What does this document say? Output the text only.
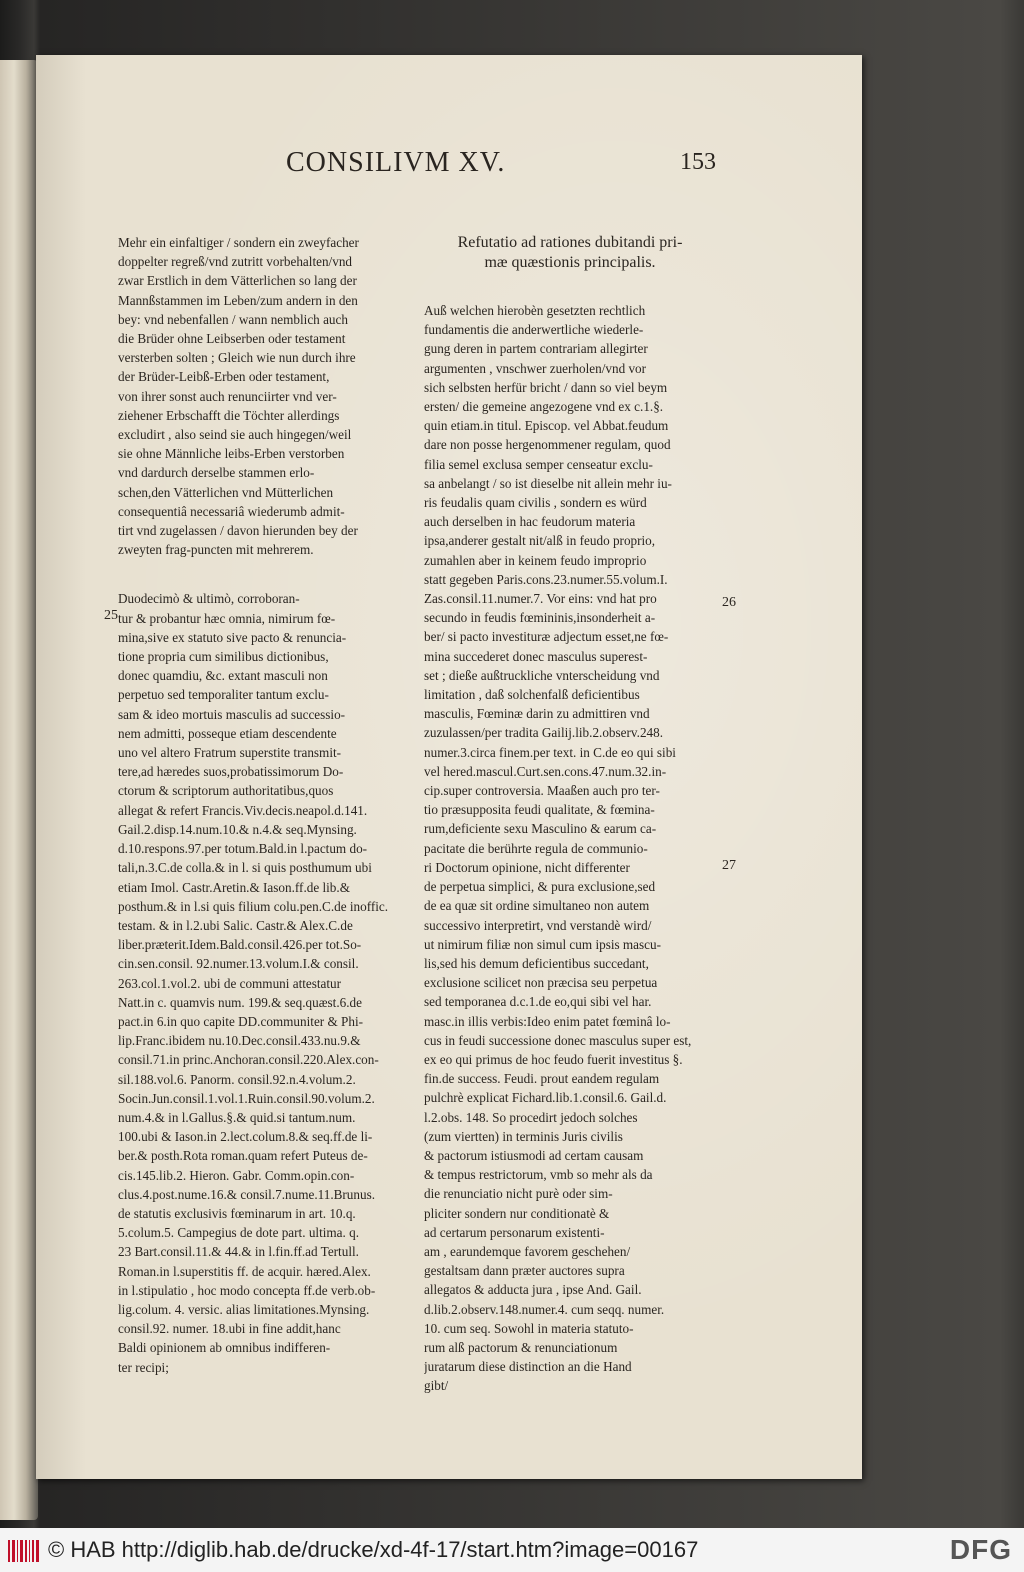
CONSILIVM XV.	153
Mehr ein einfaltiger / sondern ein zweyfacher
doppelter regreß/vnd zutritt vorbehalten/vnd
zwar Erstlich in dem Vätterlichen so lang der
Mannßstammen im Leben/zum andern in den
bey: vnd nebenfallen / wann nemblich auch
die Brüder ohne Leibserben oder testament
versterben solten ; Gleich wie nun durch ihre
der Brüder-Leibß-Erben oder testament,
von ihrer sonst auch renunciirter vnd ver-
ziehener Erbschafft die Töchter allerdings
excludirt , also seind sie auch hingegen/weil
sie ohne Männliche leibs-Erben verstorben
vnd dardurch derselbe stammen erlo-
schen,den Vätterlichen vnd Mütterlichen
consequentiâ necessariâ wiederumb admit-
tirt vnd zugelassen / davon hierunden bey der
zweyten frag-puncten mit mehrerem.
Duodecimò & ultimò, corroboran-
tur & probantur hæc omnia, nimirum fœ-
mina,sive ex statuto sive pacto & renuncia-
tione propria cum similibus dictionibus,
donec quamdiu, &c. extant masculi non
perpetuo sed temporaliter tantum exclu-
sam & ideo mortuis masculis ad successio-
nem admitti, posseque etiam descendente
uno vel altero Fratrum superstite transmit-
tere,ad hæredes suos,probatissimorum Do-
ctorum & scriptorum authoritatibus,quos
allegat & refert Francis.Viv.decis.neapol.d.141.
Gail.2.disp.14.num.10.& n.4.& seq.Mynsing.
d.10.respons.97.per totum.Bald.in l.pactum do-
tali,n.3.C.de colla.& in l. si quis posthumum ubi
etiam Imol. Castr.Aretin.& Iason.ff.de lib.&
posthum.& in l.si quis filium colu.pen.C.de inoffic.
testam. & in l.2.ubi Salic. Castr.& Alex.C.de
liber.præterit.Idem.Bald.consil.426.per tot.So-
cin.sen.consil. 92.numer.13.volum.I.& consil.
263.col.1.vol.2. ubi de communi attestatur
Natt.in c. quamvis num. 199.& seq.quæst.6.de
pact.in 6.in quo capite DD.communiter & Phi-
lip.Franc.ibidem nu.10.Dec.consil.433.nu.9.&
consil.71.in princ.Anchoran.consil.220.Alex.con-
sil.188.vol.6. Panorm. consil.92.n.4.volum.2.
Socin.Jun.consil.1.vol.1.Ruin.consil.90.volum.2.
num.4.& in l.Gallus.§.& quid.si tantum.num.
100.ubi & Iason.in 2.lect.colum.8.& seq.ff.de li-
ber.& posth.Rota roman.quam refert Puteus de-
cis.145.lib.2. Hieron. Gabr. Comm.opin.con-
clus.4.post.nume.16.& consil.7.nume.11.Brunus.
de statutis exclusivis fœminarum in art. 10.q.
5.colum.5. Campegius de dote part. ultima. q.
23 Bart.consil.11.& 44.& in l.fin.ff.ad Tertull.
Roman.in l.superstitis ff. de acquir. hæred.Alex.
in l.stipulatio , hoc modo concepta ff.de verb.ob-
lig.colum. 4. versic. alias limitationes.Mynsing.
consil.92. numer. 18.ubi in fine addit,hanc
Baldi opinionem ab omnibus indifferen-
ter recipi;
Refutatio ad rationes dubitandi pri-
mæ quæstionis principalis.
Auß welchen hierobèn gesetzten rechtlich
fundamentis die anderwertliche wiederle-
gung deren in partem contrariam allegirter
argumenten , vnschwer zuerholen/vnd vor
sich selbsten herfür bricht / dann so viel beym
ersten/ die gemeine angezogene vnd ex c.1.§.
quin etiam.in titul. Episcop. vel Abbat.feudum
dare non posse hergenommener regulam, quod
filia semel exclusa semper censeatur exclu-
sa anbelangt / so ist dieselbe nit allein mehr iu-
ris feudalis quam civilis , sondern es würd
auch derselben in hac feudorum materia
ipsa,anderer gestalt nit/alß in feudo proprio,
zumahlen aber in keinem feudo improprio
statt gegeben Paris.cons.23.numer.55.volum.I.
Zas.consil.11.numer.7. Vor eins: vnd hat pro
secundo in feudis fœmininis,insonderheit a-
ber/ si pacto investituræ adjectum esset,ne fœ-
mina succederet donec masculus superest-
set ; dieße außtruckliche vnterscheidung vnd
limitation , daß solchenfalß deficientibus
masculis, Fœminæ darin zu admittiren vnd
zuzulassen/per tradita Gailij.lib.2.observ.248.
numer.3.circa finem.per text. in C.de eo qui sibi
vel hered.mascul.Curt.sen.cons.47.num.32.in-
cip.super controversia. Maaßen auch pro ter-
tio præsupposita feudi qualitate, & fœmina-
rum,deficiente sexu Masculino & earum ca-
pacitate die berührte regula de communio-
ri Doctorum opinione, nicht differenter
de perpetua simplici, & pura exclusione,sed
de ea quæ sit ordine simultaneo non autem
successivo interpretirt, vnd verstandè wird/
ut nimirum filiæ non simul cum ipsis mascu-
lis,sed his demum deficientibus succedant,
exclusione scilicet non præcisa seu perpetua
sed temporanea d.c.1.de eo,qui sibi vel har.
masc.in illis verbis:Ideo enim patet fœminâ lo-
cus in feudi successione donec masculus super est,
ex eo qui primus de hoc feudo fuerit investitus §.
fin.de success. Feudi. prout eandem regulam
pulchrè explicat Fichard.lib.1.consil.6. Gail.d.
l.2.obs. 148. So procedirt jedoch solches
(zum viertten) in terminis Juris civilis
& pactorum istiusmodi ad certam causam
& tempus restrictorum, vmb so mehr als da
die renunciatio nicht purè oder sim-
pliciter sondern nur conditionatè &
ad certarum personarum existenti-
am , earundemque favorem geschehen/
gestaltsam dann præter auctores supra
allegatos & adducta jura , ipse And. Gail.
d.lib.2.observ.148.numer.4. cum seqq. numer.
10. cum seq. Sowohl in materia statuto-
rum alß pactorum & renunciationum
juratarum diese distinction an die Hand
gibt/
25
26
27
© HAB http://diglib.hab.de/drucke/xd-4f-17/start.htm?image=00167	DFG
